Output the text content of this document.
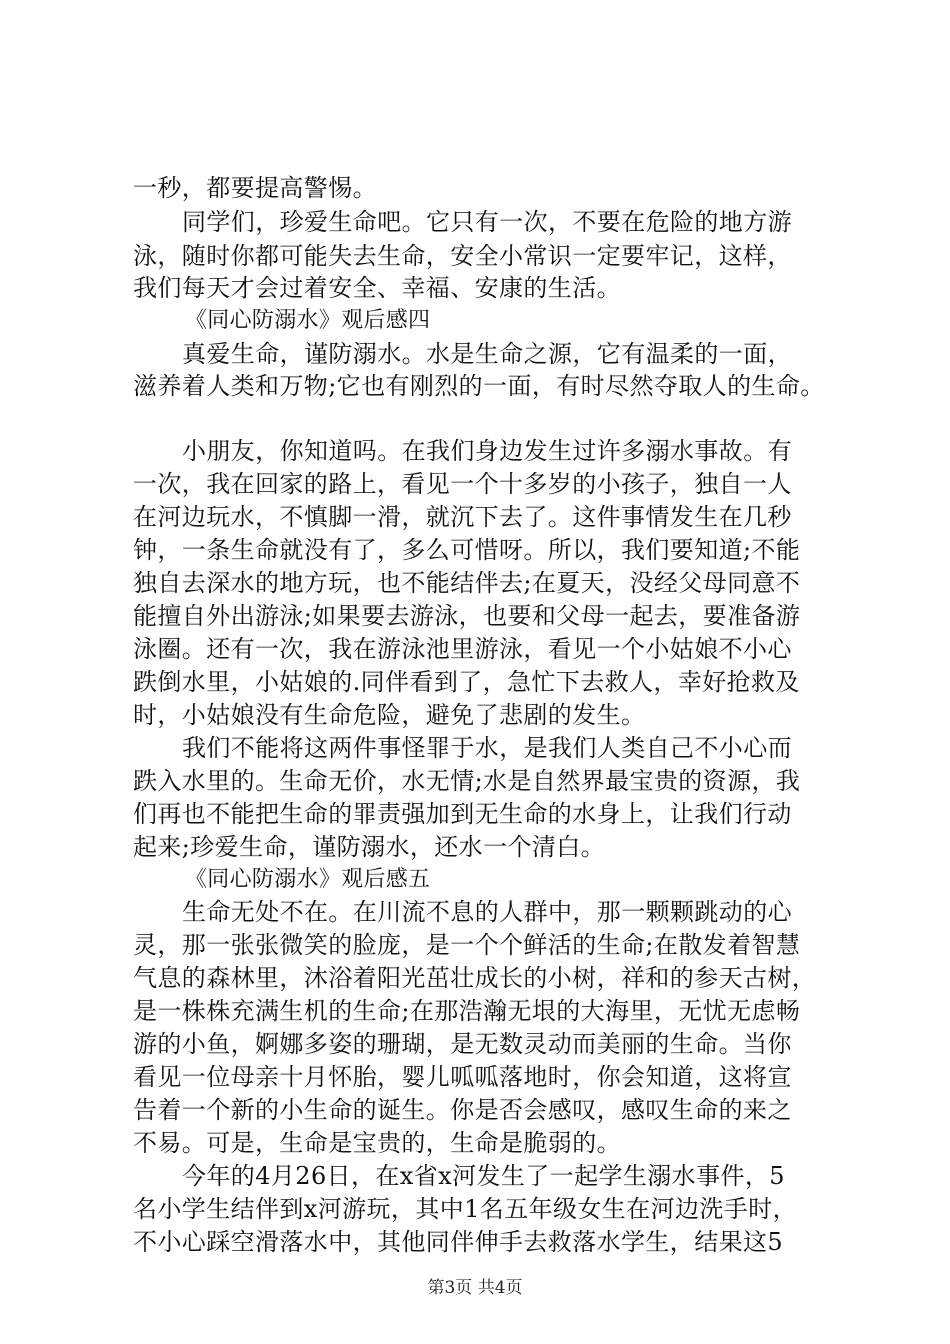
一秒，都要提高警惕。
同学们，珍爱生命吧。它只有一次，不要在危险的地方游
泳，随时你都可能失去生命，安全小常识一定要牢记，这样，
我们每天才会过着安全、幸福、安康的生活。
《同心防溺水》观后感四
真爱生命，谨防溺水。水是生命之源，它有温柔的一面，
滋养着人类和万物;它也有刚烈的一面，有时尽然夺取人的生命。
小朋友，你知道吗。在我们身边发生过许多溺水事故。有
一次，我在回家的路上，看见一个十多岁的小孩子，独自一人
在河边玩水，不慎脚一滑，就沉下去了。这件事情发生在几秒
钟，一条生命就没有了，多么可惜呀。所以，我们要知道;不能
独自去深水的地方玩，也不能结伴去;在夏天，没经父母同意不
能擅自外出游泳;如果要去游泳，也要和父母一起去，要准备游
泳圈。还有一次，我在游泳池里游泳，看见一个小姑娘不小心
跌倒水里，小姑娘的.同伴看到了，急忙下去救人，幸好抢救及
时，小姑娘没有生命危险，避免了悲剧的发生。
我们不能将这两件事怪罪于水，是我们人类自己不小心而
跌入水里的。生命无价，水无情;水是自然界最宝贵的资源，我
们再也不能把生命的罪责强加到无生命的水身上，让我们行动
起来;珍爱生命，谨防溺水，还水一个清白。
《同心防溺水》观后感五
生命无处不在。在川流不息的人群中，那一颗颗跳动的心
灵，那一张张微笑的脸庞，是一个个鲜活的生命;在散发着智慧
气息的森林里，沐浴着阳光茁壮成长的小树，祥和的参天古树，
是一株株充满生机的生命;在那浩瀚无垠的大海里，无忧无虑畅
游的小鱼，婀娜多姿的珊瑚，是无数灵动而美丽的生命。当你
看见一位母亲十月怀胎，婴儿呱呱落地时，你会知道，这将宣
告着一个新的小生命的诞生。你是否会感叹，感叹生命的来之
不易。可是，生命是宝贵的，生命是脆弱的。
今年的4月26日，在x省x河发生了一起学生溺水事件，5
名小学生结伴到x河游玩，其中1名五年级女生在河边洗手时，
不小心踩空滑落水中，其他同伴伸手去救落水学生，结果这5
第3页 共4页
